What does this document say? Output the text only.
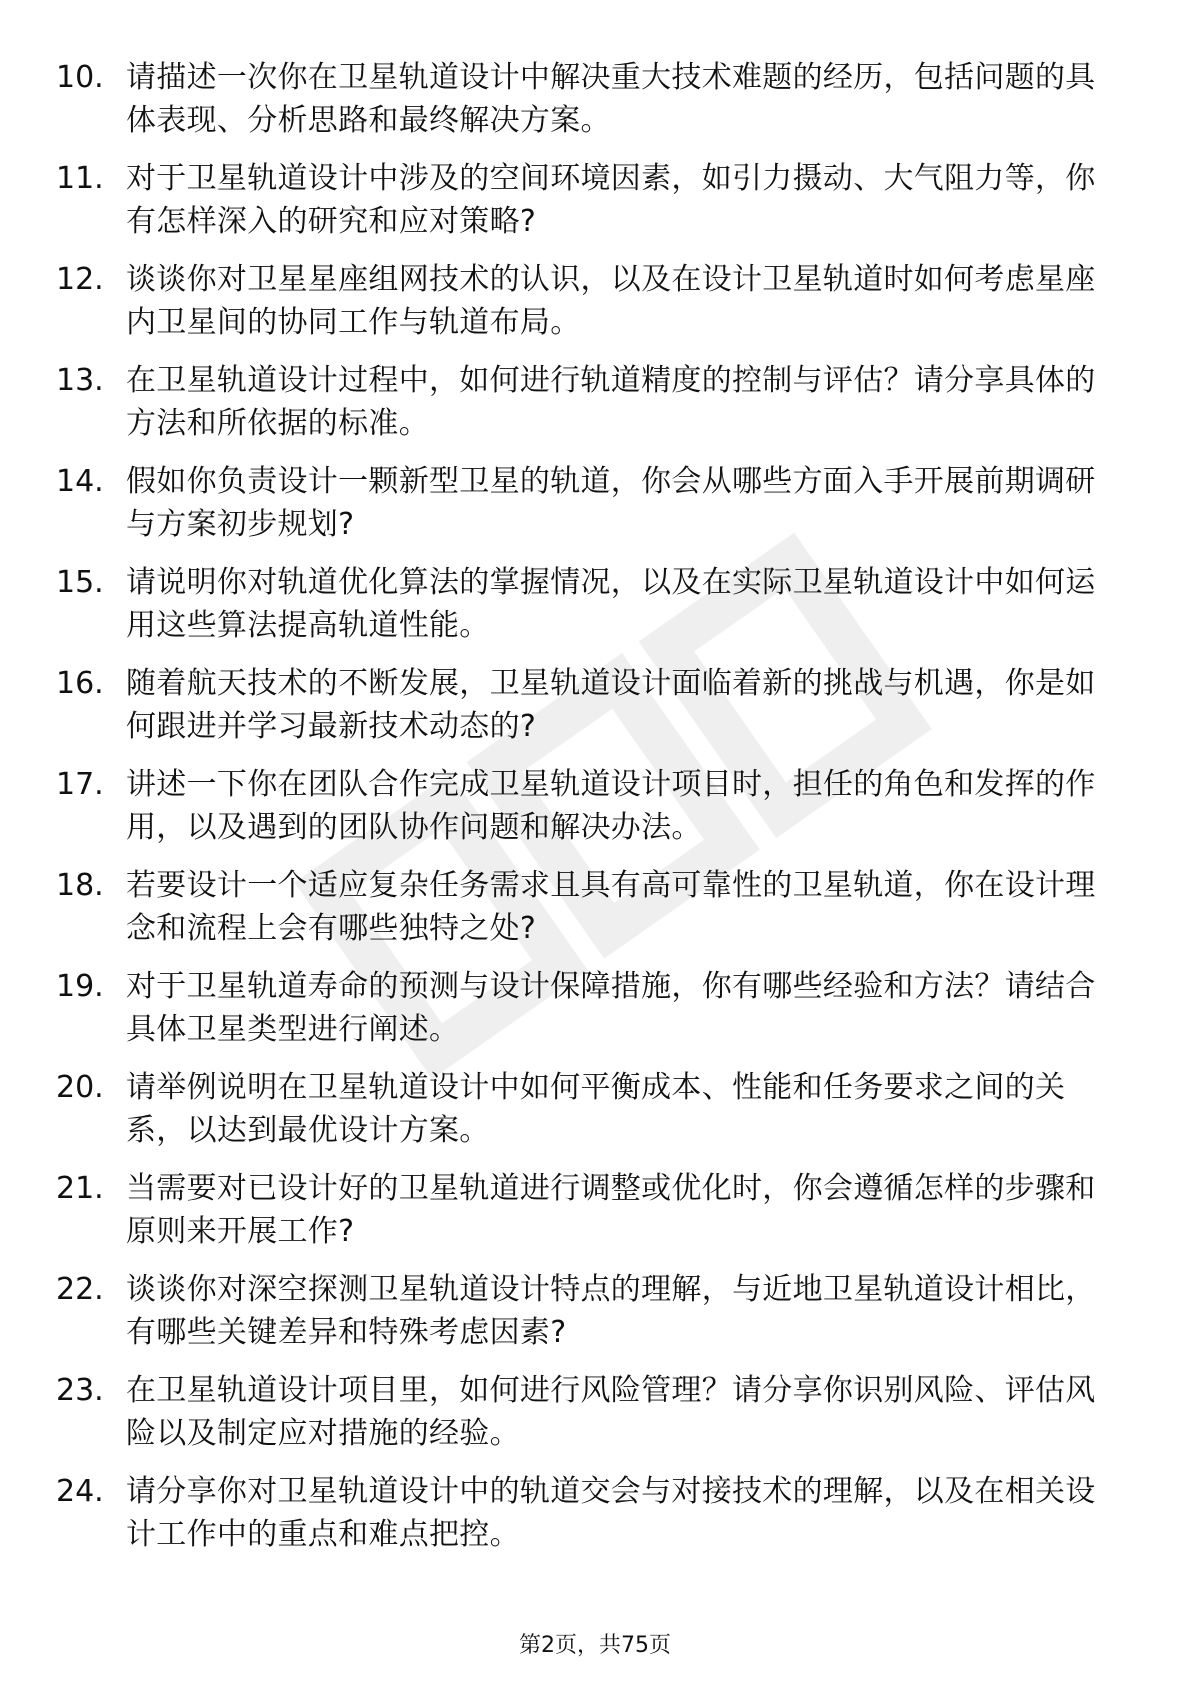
10. 请描述一次你在卫星轨道设计中解决重大技术难题的经历，包括问题的具体表现、分析思路和最终解决方案。
11. 对于卫星轨道设计中涉及的空间环境因素，如引力摄动、大气阻力等，你有怎样深入的研究和应对策略?
12. 谈谈你对卫星星座组网技术的认识，以及在设计卫星轨道时如何考虑星座内卫星间的协同工作与轨道布局。
13. 在卫星轨道设计过程中，如何进行轨道精度的控制与评估？请分享具体的方法和所依据的标准。
14. 假如你负责设计一颗新型卫星的轨道，你会从哪些方面入手开展前期调研与方案初步规划?
15. 请说明你对轨道优化算法的掌握情况，以及在实际卫星轨道设计中如何运用这些算法提高轨道性能。
16. 随着航天技术的不断发展，卫星轨道设计面临着新的挑战与机遇，你是如何跟进并学习最新技术动态的?
17. 讲述一下你在团队合作完成卫星轨道设计项目时，担任的角色和发挥的作用，以及遇到的团队协作问题和解决办法。
18. 若要设计一个适应复杂任务需求且具有高可靠性的卫星轨道，你在设计理念和流程上会有哪些独特之处?
19. 对于卫星轨道寿命的预测与设计保障措施，你有哪些经验和方法？请结合具体卫星类型进行阐述。
20. 请举例说明在卫星轨道设计中如何平衡成本、性能和任务要求之间的关系，以达到最优设计方案。
21. 当需要对已设计好的卫星轨道进行调整或优化时，你会遵循怎样的步骤和原则来开展工作?
22. 谈谈你对深空探测卫星轨道设计特点的理解，与近地卫星轨道设计相比，有哪些关键差异和特殊考虑因素?
23. 在卫星轨道设计项目里，如何进行风险管理？请分享你识别风险、评估风险以及制定应对措施的经验。
24. 请分享你对卫星轨道设计中的轨道交会与对接技术的理解，以及在相关设计工作中的重点和难点把控。
第2页，共75页
